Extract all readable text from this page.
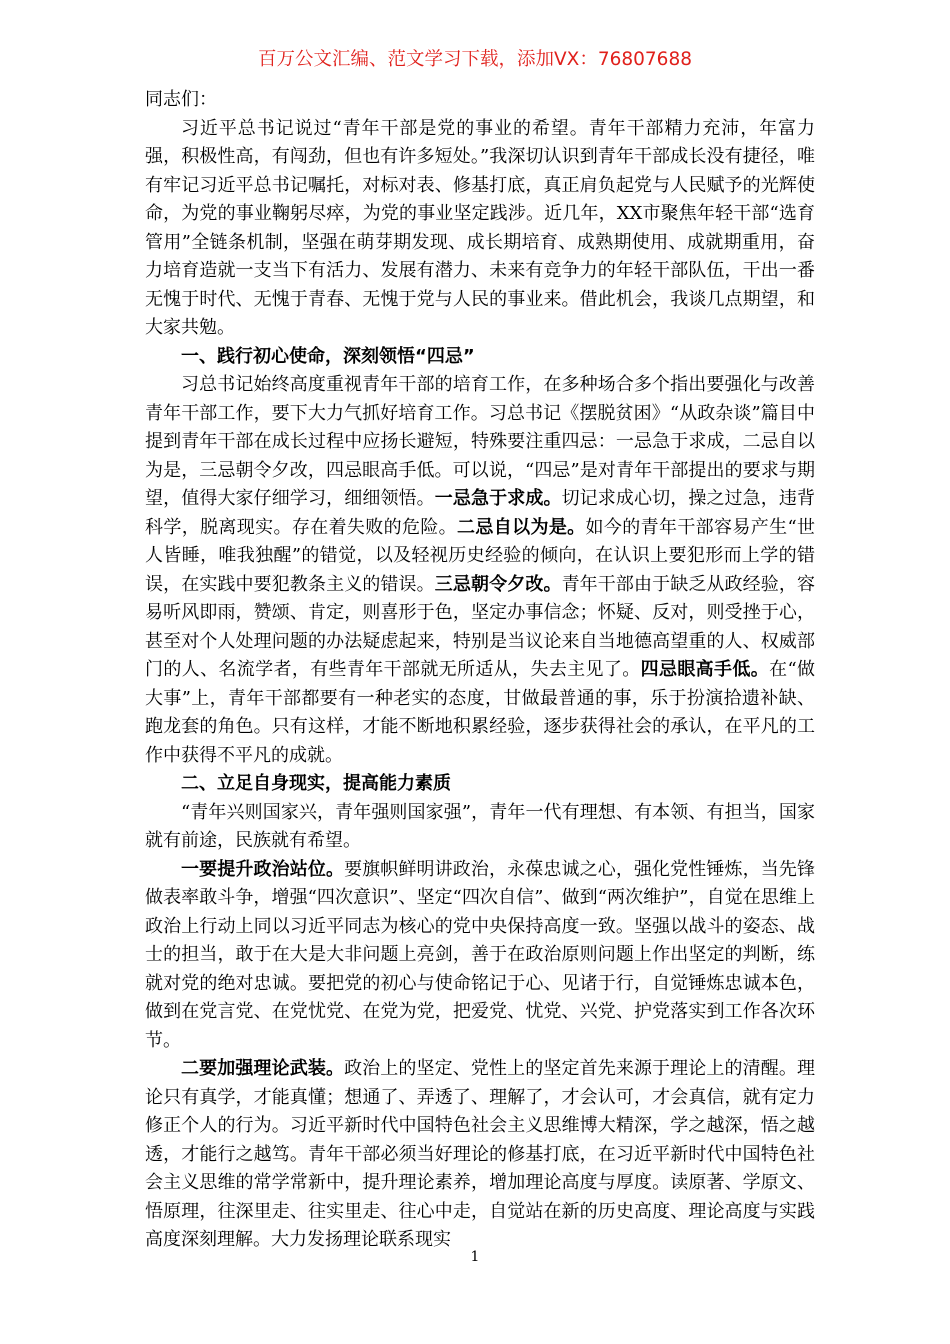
百万公文汇编、范文学习下载，添加VX：76807688

同志们：

习近平总书记说过“青年干部是党的事业的希望。青年干部精力充沛，年富力强，积极性高，有闯劲，但也有许多短处。”我深切认识到青年干部成长没有捷径，唯有牢记习近平总书记嘱托，对标对表、修基打底，真正肩负起党与人民赋予的光辉使命，为党的事业鞠躬尽瘁，为党的事业坚定践涉。近几年，XX市聚焦年轻干部“选育管用”全链条机制，坚强在萌芽期发现、成长期培育、成熟期使用、成就期重用，奋力培育造就一支当下有活力、发展有潜力、未来有竞争力的年轻干部队伍，干出一番无愧于时代、无愧于青春、无愧于党与人民的事业来。借此机会，我谈几点期望，和大家共勉。

一、践行初心使命，深刻领悟“四忌”

习总书记始终高度重视青年干部的培育工作，在多种场合多个指出要强化与改善青年干部工作，要下大力气抓好培育工作。习总书记《摆脱贫困》“从政杂谈”篇目中提到青年干部在成长过程中应扬长避短，特殊要注重四忌：一忌急于求成，二忌自以为是，三忌朝令夕改，四忌眼高手低。可以说，“四忌”是对青年干部提出的要求与期望，值得大家仔细学习，细细领悟。一忌急于求成。切记求成心切，操之过急，违背科学，脱离现实。存在着失败的危险。二忌自以为是。如今的青年干部容易产生“世人皆睡，唯我独醒”的错觉，以及轻视历史经验的倾向，在认识上要犯形而上学的错误，在实践中要犯教条主义的错误。三忌朝令夕改。青年干部由于缺乏从政经验，容易听风即雨，赞颂、肯定，则喜形于色，坚定办事信念；怀疑、反对，则受挫于心，甚至对个人处理问题的办法疑虑起来，特别是当议论来自当地德高望重的人、权威部门的人、名流学者，有些青年干部就无所适从，失去主见了。四忌眼高手低。在“做大事”上，青年干部都要有一种老实的态度，甘做最普通的事，乐于扮演拾遗补缺、跑龙套的角色。只有这样，才能不断地积累经验，逐步获得社会的承认，在平凡的工作中获得不平凡的成就。

二、立足自身现实，提高能力素质

“青年兴则国家兴，青年强则国家强”，青年一代有理想、有本领、有担当，国家就有前途，民族就有希望。

一要提升政治站位。要旗帜鲜明讲政治，永葆忠诚之心，强化党性锤炼，当先锋做表率敢斗争，增强“四次意识”、坚定“四次自信”、做到“两次维护”，自觉在思维上政治上行动上同以习近平同志为核心的党中央保持高度一致。坚强以战斗的姿态、战士的担当，敢于在大是大非问题上亮剑，善于在政治原则问题上作出坚定的判断，练就对党的绝对忠诚。要把党的初心与使命铭记于心、见诸于行，自觉锤炼忠诚本色，做到在党言党、在党忧党、在党为党，把爱党、忧党、兴党、护党落实到工作各次环节。

二要加强理论武装。政治上的坚定、党性上的坚定首先来源于理论上的清醒。理论只有真学，才能真懂；想通了、弄透了、理解了，才会认可，才会真信，就有定力修正个人的行为。习近平新时代中国特色社会主义思维博大精深，学之越深，悟之越透，才能行之越笃。青年干部必须当好理论的修基打底，在习近平新时代中国特色社会主义思维的常学常新中，提升理论素养，增加理论高度与厚度。读原著、学原文、悟原理，往深里走、往实里走、往心中走，自觉站在新的历史高度、理论高度与实践高度深刻理解。大力发扬理论联系现实

1
